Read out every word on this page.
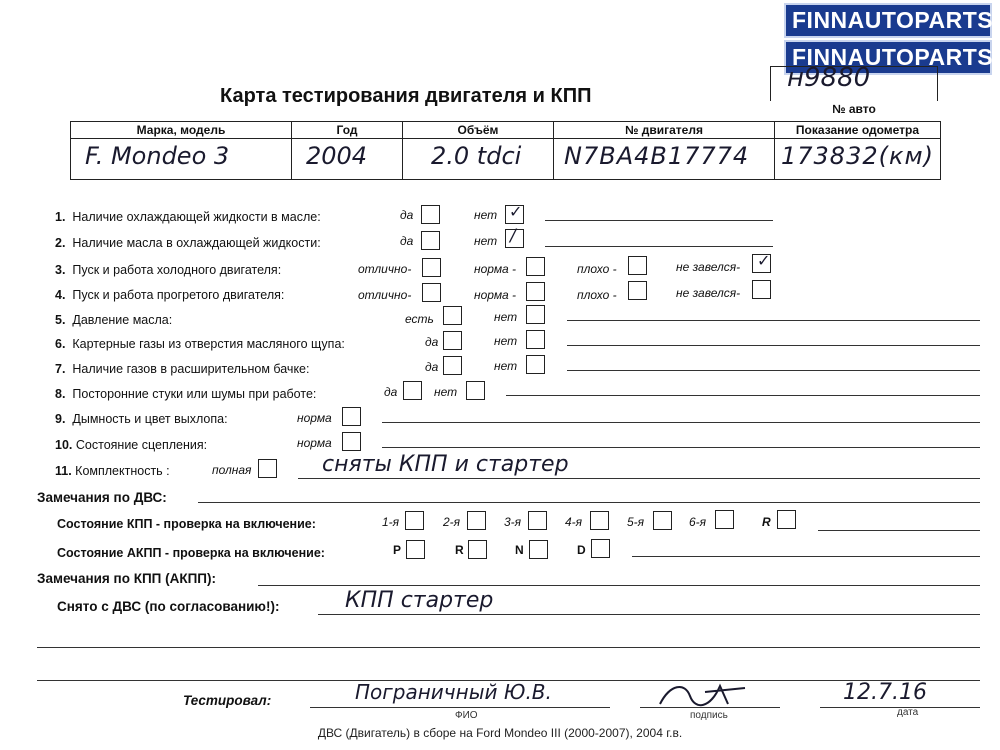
FINNAUTOPARTS
FINNAUTOPARTS
Карта тестирования двигателя и КПП
н9880
№ авто
Марка, модель	Год	Объём	№ двигателя	Показание одометра

F. Mondeo 3	2004	2.0 tdci	N7BA4B17774	173832(км)
1. Наличие охлаждающей жидкости в масле:	да	нет ✓
2. Наличие масла в охлаждающей жидкости:	да	нет /
3. Пуск и работа холодного двигателя:	отлично-	норма -	плохо -	не завелся- ✓
4. Пуск и работа прогретого двигателя:	отлично-	норма -	плохо -	не завелся-
5. Давление масла:	есть	нет
6. Картерные газы из отверстия масляного щупа:	да	нет
7. Наличие газов в расширительном бачке:	да	нет
8. Посторонние стуки или шумы при работе:	да	нет
9. Дымность и цвет выхлопа:	норма
10. Состояние сцепления:	норма
11. Комплектность :	полная	сняты КПП и стартер
Замечания по ДВС:
Состояние КПП - проверка на включение:	1-я	2-я	3-я	4-я	5-я	6-я	R
Состояние АКПП - проверка на включение:	P	R	N	D
Замечания по КПП (АКПП):
Снято с ДВС (по согласованию!):	КПП стартер
Тестировал:	Пограничный Ю.В.	12.7.16
ФИО	подпись	дата
ДВС (Двигатель) в сборе на Ford Mondeo III (2000-2007), 2004 г.в.
